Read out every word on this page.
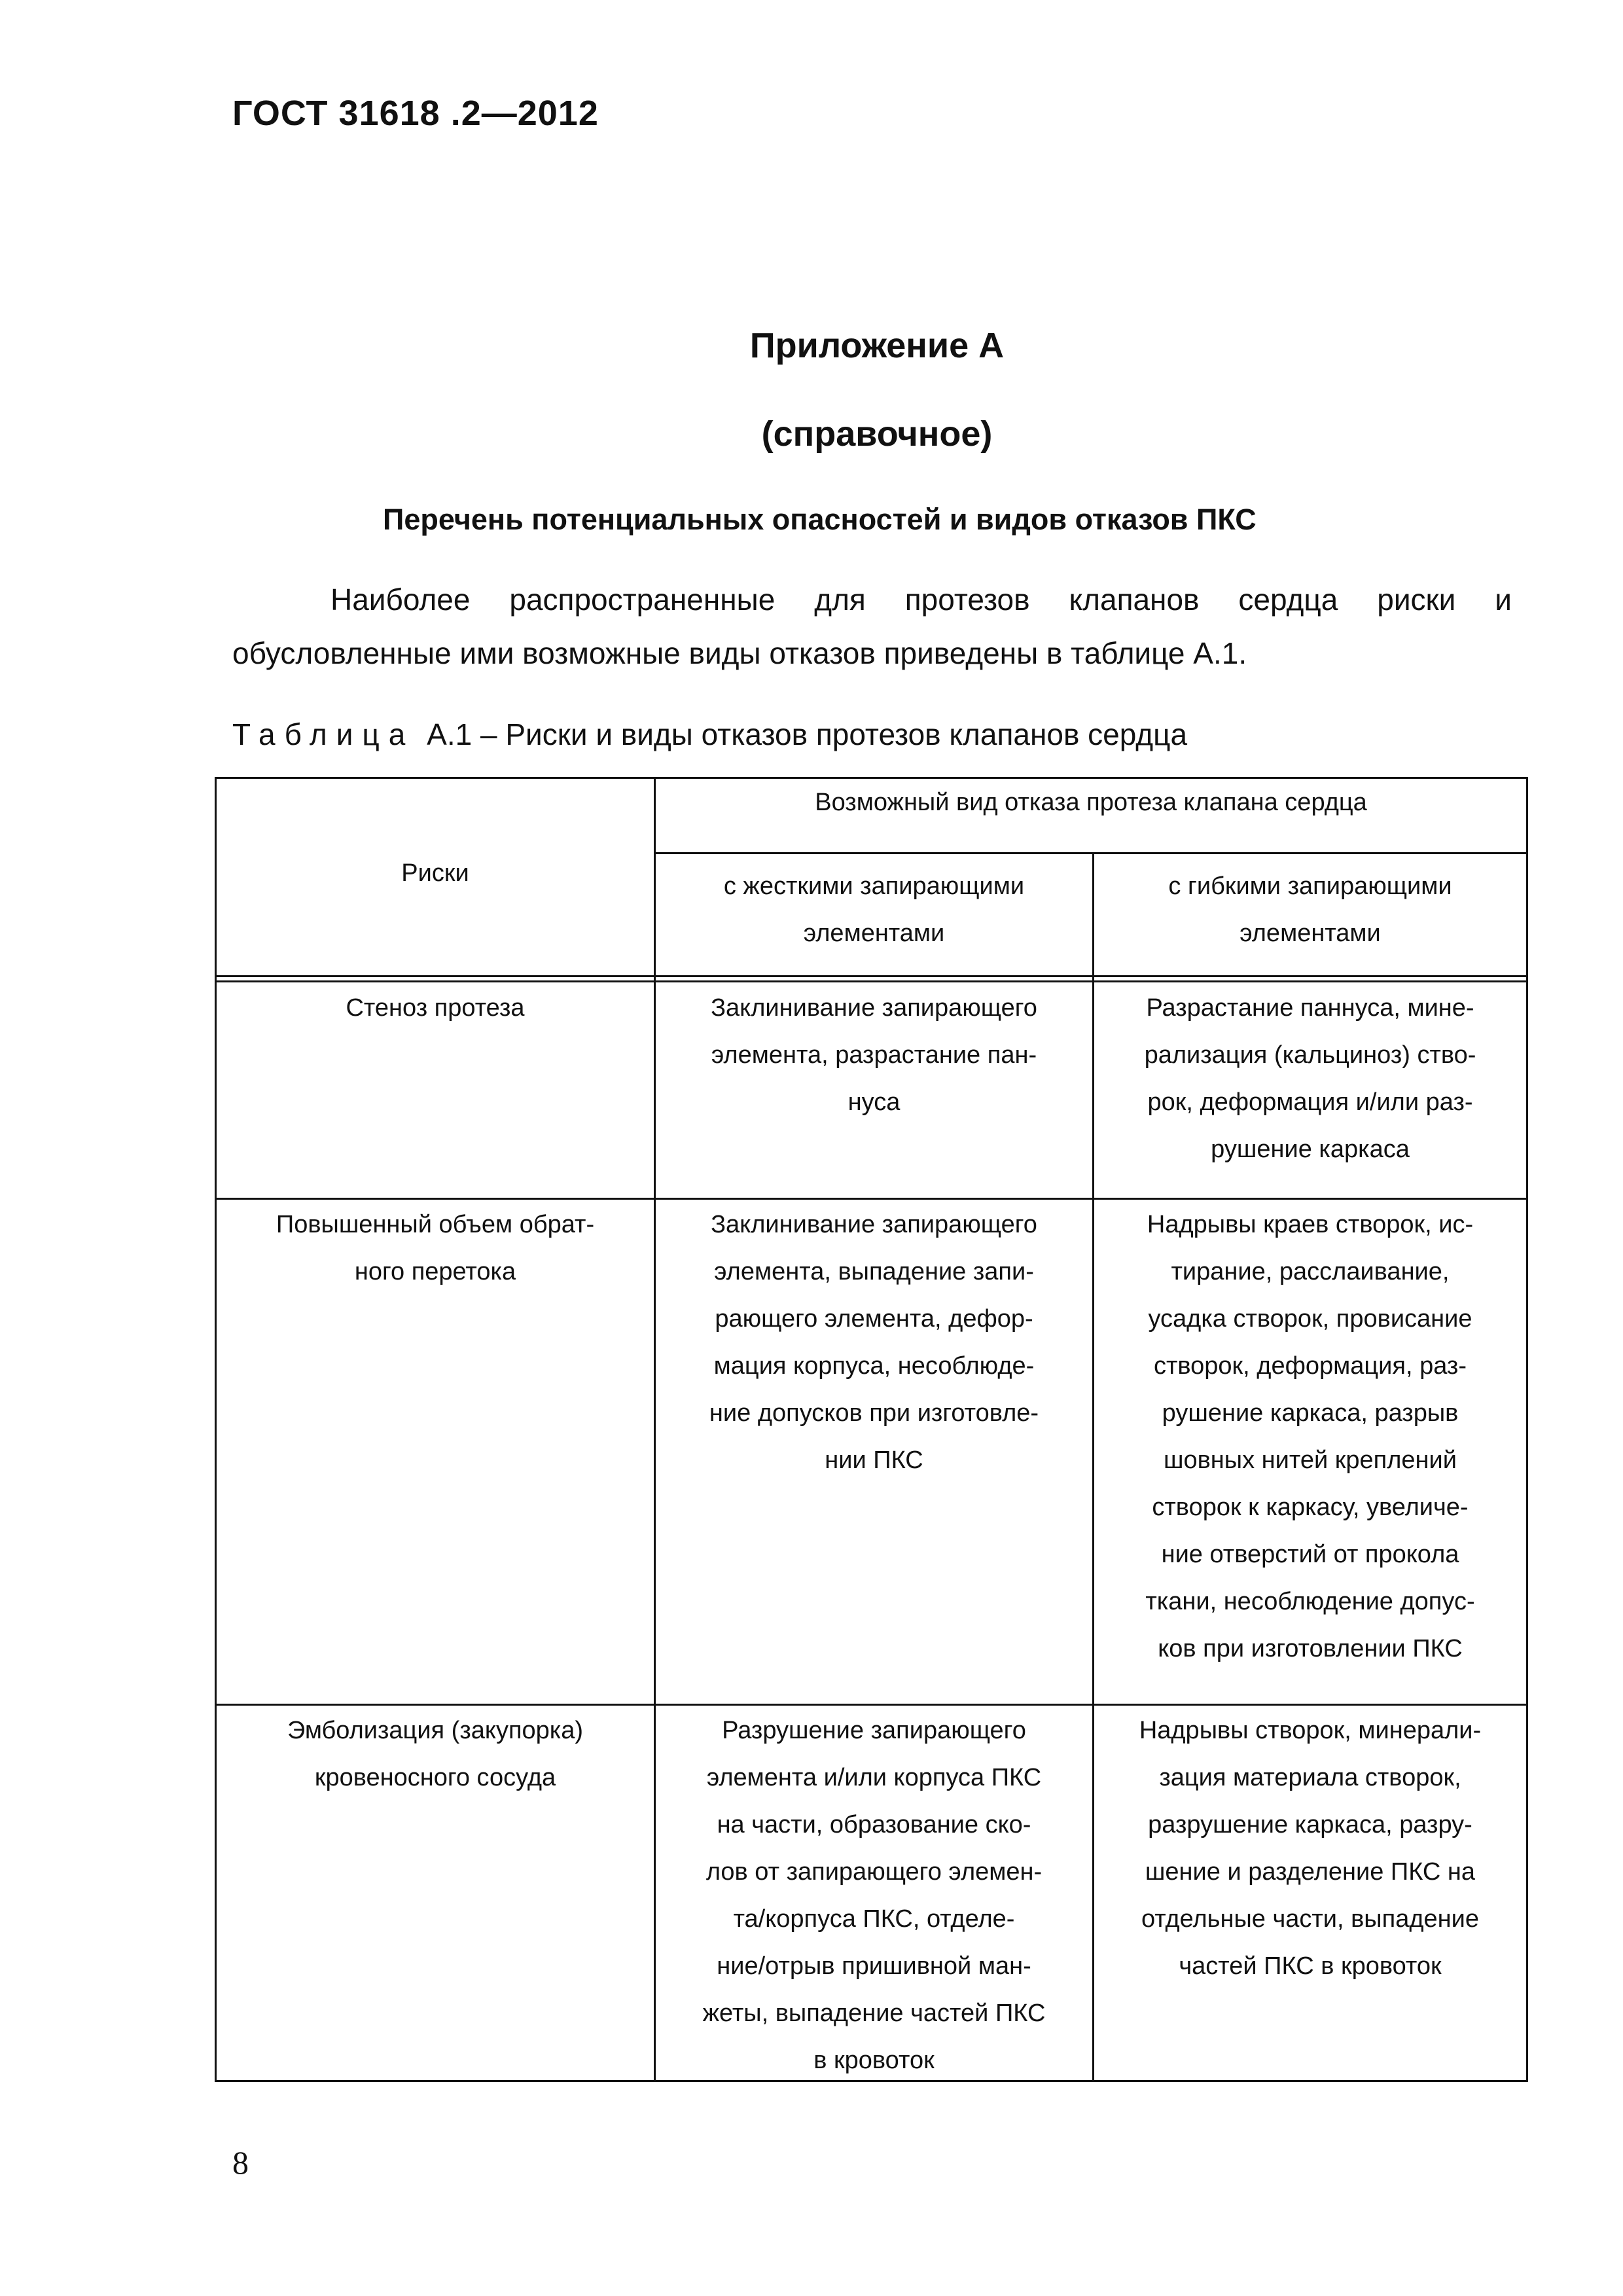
ГОСТ 31618 .2—2012
Приложение А
(справочное)
Перечень потенциальных опасностей и видов отказов ПКС
Наиболее распространенные для протезов клапанов сердца риски и
обусловленные ими возможные виды отказов приведены в таблице А.1.
Таблица А.1 – Риски и виды отказов протезов клапанов сердца
Риски
Возможный вид отказа протеза клапана сердца
с жесткими запирающими
элементами
с гибкими запирающими
элементами
Стеноз протеза	Заклинивание запирающего
элемента, разрастание пан-
нуса
Разрастание паннуса, мине-
рализация (кальциноз) ство-
рок, деформация и/или раз-
рушение каркаса
Повышенный объем обрат-
ного перетока
Заклинивание запирающего
элемента, выпадение запи-
рающего элемента, дефор-
мация корпуса, несоблюде-
ние допусков при изготовле-
нии ПКС
Надрывы краев створок, ис-
тирание, расслаивание,
усадка створок, провисание
створок, деформация, раз-
рушение каркаса, разрыв
шовных нитей креплений
створок к каркасу, увеличе-
ние отверстий от прокола
ткани, несоблюдение допус-
ков при изготовлении ПКС
Эмболизация (закупорка)
кровеносного сосуда
Разрушение запирающего
элемента и/или корпуса ПКС
на части, образование ско-
лов от запирающего элемен-
та/корпуса ПКС, отделе-
ние/отрыв пришивной ман-
жеты, выпадение частей ПКС
в кровоток
Надрывы створок, минерали-
зация материала створок,
разрушение каркаса, разру-
шение и разделение ПКС на
отдельные части, выпадение
частей ПКС в кровоток
8
